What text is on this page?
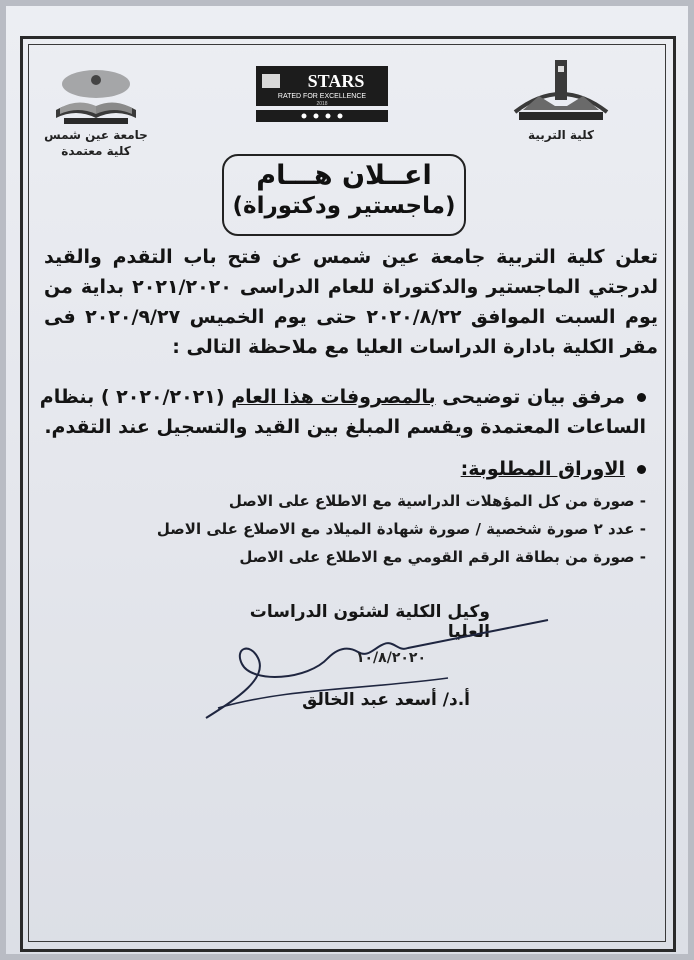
جامعة عين شمس
كلية معتمدة
STARS
RATED FOR EXCELLENCE
2018
كلية التربية
اعــلان هـــام
(ماجستير ودكتوراة)
تعلن كلية التربية جامعة عين شمس عن فتح باب التقدم والقيد لدرجتي الماجستير والدكتوراة للعام الدراسى ٢٠٢١/٢٠٢٠ بداية من يوم السبت الموافق ٢٠٢٠/٨/٢٢ حتى يوم الخميس ٢٠٢٠/٩/٢٧ فى مقر الكلية بادارة الدراسات العليا مع ملاحظة التالى :
مرفق بيان توضيحى بالمصروفات هذا العام (٢٠٢٠/٢٠٢١ ) بنظام الساعات المعتمدة ويقسم المبلغ بين القيد والتسجيل عند التقدم.
الاوراق المطلوبة:
- صورة من كل المؤهلات الدراسية مع الاطلاع على الاصل
- عدد ٢ صورة شخصية / صورة شهادة الميلاد مع الاصلاع على الاصل
- صورة من بطاقة الرقم القومي مع الاطلاع على الاصل
وكيل الكلية لشئون الدراسات العليا
١٠/٨/٢٠٢٠
أ.د/ أسعد عبد الخالق
